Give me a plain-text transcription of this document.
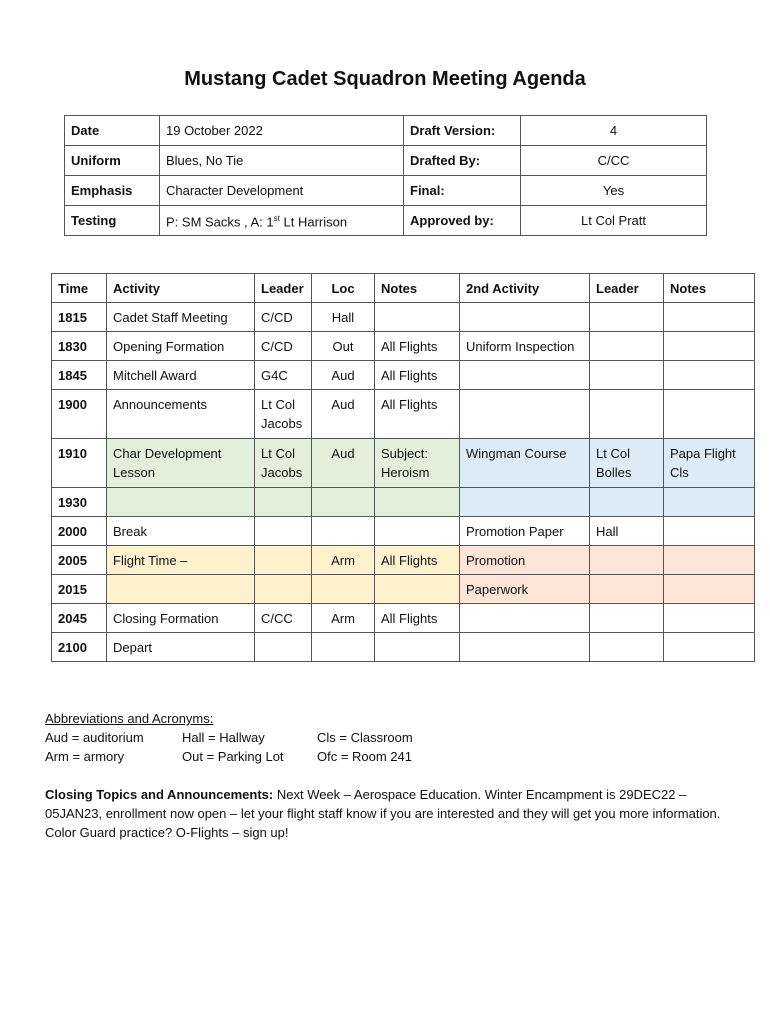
Mustang Cadet Squadron Meeting Agenda
Date	19 October 2022	Draft Version:	4
Uniform	Blues, No Tie	Drafted By:	C/CC
Emphasis	Character Development	Final:	Yes
Testing	P: SM Sacks , A: 1st Lt Harrison	Approved by:	Lt Col Pratt
Time	Activity	Leader	Loc	Notes	2nd Activity	Leader	Notes
1815	Cadet Staff Meeting	C/CD	Hall				
1830	Opening Formation	C/CD	Out	All Flights	Uniform Inspection		
1845	Mitchell Award	G4C	Aud	All Flights			
1900	Announcements	Lt Col Jacobs	Aud	All Flights			
1910	Char Development Lesson	Lt Col Jacobs	Aud	Subject: Heroism	Wingman Course	Lt Col Bolles	Papa Flight Cls
1930							
2000	Break				Promotion Paper	Hall	
2005	Flight Time –		Arm	All Flights	Promotion		
2015					Paperwork		
2045	Closing Formation	C/CC	Arm	All Flights			
2100	Depart						
Abbreviations and Acronyms:
Aud = auditorium	Hall = Hallway	Cls = Classroom
Arm = armory	Out = Parking Lot	Ofc = Room 241
Closing Topics and Announcements: Next Week – Aerospace Education. Winter Encampment is 29DEC22 – 05JAN23, enrollment now open – let your flight staff know if you are interested and they will get you more information. Color Guard practice? O-Flights – sign up!
